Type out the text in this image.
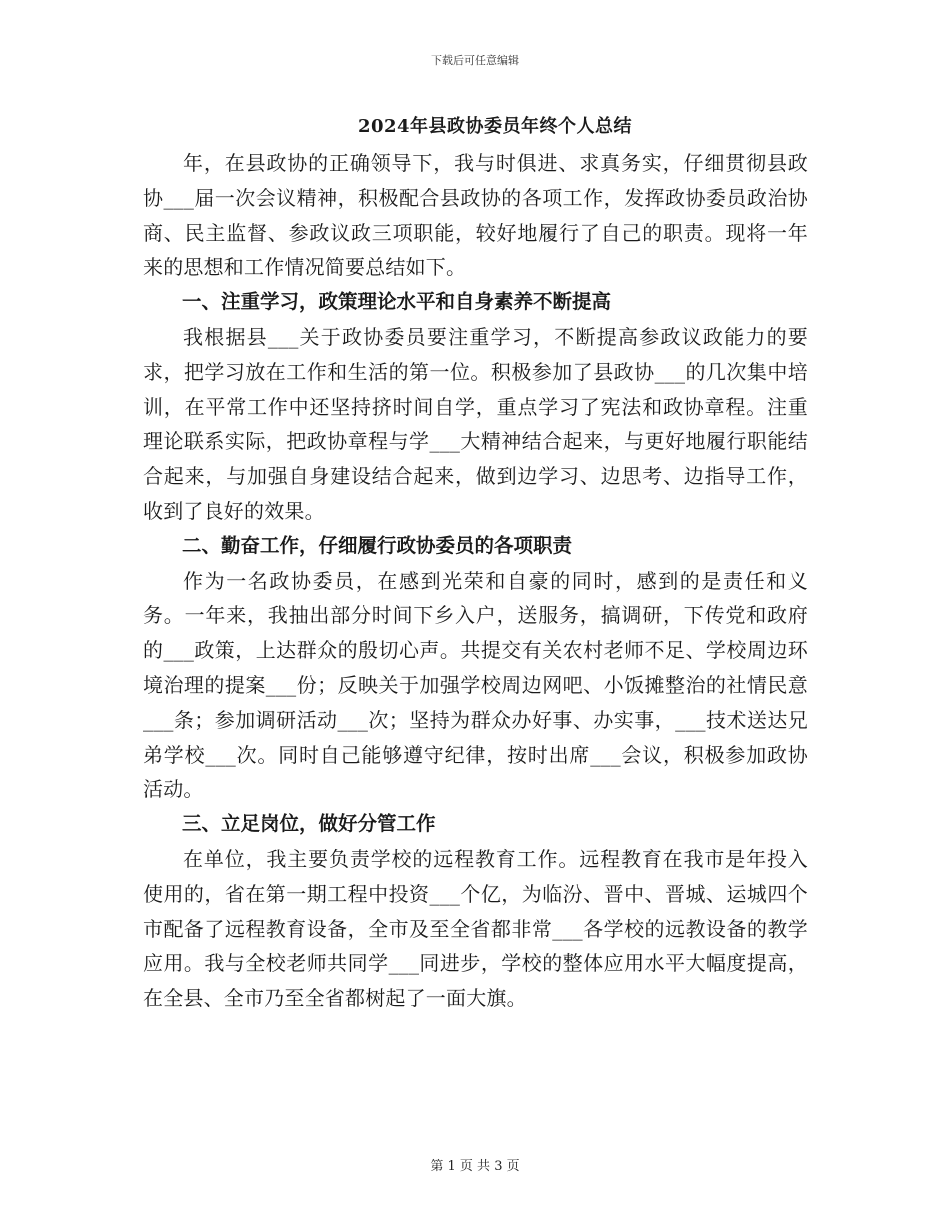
下载后可任意编辑
2024年县政协委员年终个人总结

年，在县政协的正确领导下，我与时俱进、求真务实，仔细贯彻县政协___届一次会议精神，积极配合县政协的各项工作，发挥政协委员政治协商、民主监督、参政议政三项职能，较好地履行了自己的职责。现将一年来的思想和工作情况简要总结如下。

一、注重学习，政策理论水平和自身素养不断提高

我根据县___关于政协委员要注重学习，不断提高参政议政能力的要求，把学习放在工作和生活的第一位。积极参加了县政协___的几次集中培训，在平常工作中还坚持挤时间自学，重点学习了宪法和政协章程。注重理论联系实际，把政协章程与学___大精神结合起来，与更好地履行职能结合起来，与加强自身建设结合起来，做到边学习、边思考、边指导工作，收到了良好的效果。

二、勤奋工作，仔细履行政协委员的各项职责

作为一名政协委员，在感到光荣和自豪的同时，感到的是责任和义务。一年来，我抽出部分时间下乡入户，送服务，搞调研，下传党和政府的___政策，上达群众的殷切心声。共提交有关农村老师不足、学校周边环境治理的提案___份；反映关于加强学校周边网吧、小饭摊整治的社情民意___条；参加调研活动___次；坚持为群众办好事、办实事，___技术送达兄弟学校___次。同时自己能够遵守纪律，按时出席___会议，积极参加政协活动。

三、立足岗位，做好分管工作

在单位，我主要负责学校的远程教育工作。远程教育在我市是年投入使用的，省在第一期工程中投资___个亿，为临汾、晋中、晋城、运城四个市配备了远程教育设备，全市及至全省都非常___各学校的远教设备的教学应用。我与全校老师共同学___同进步，学校的整体应用水平大幅度提高，在全县、全市乃至全省都树起了一面大旗。

第 1 页 共 3 页
